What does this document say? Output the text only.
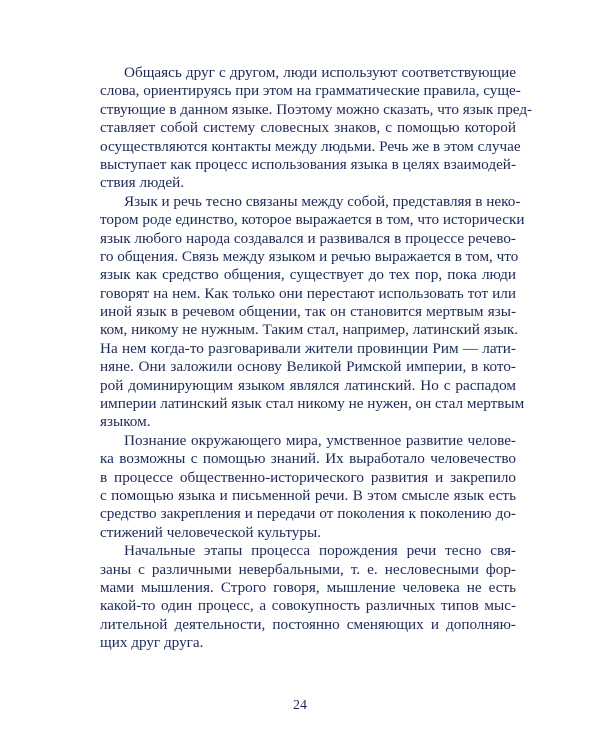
Общаясь друг с другом, люди используют соответствующие
слова, ориентируясь при этом на грамматические правила, суще-
ствующие в данном языке. Поэтому можно сказать, что язык пред-
ставляет собой систему словесных знаков, с помощью которой
осуществляются контакты между людьми. Речь же в этом случае
выступает как процесс использования языка в целях взаимодей-
ствия людей.

Язык и речь тесно связаны между собой, представляя в неко-
тором роде единство, которое выражается в том, что исторически
язык любого народа создавался и развивался в процессе речево-
го общения. Связь между языком и речью выражается в том, что
язык как средство общения, существует до тех пор, пока люди
говорят на нем. Как только они перестают использовать тот или
иной язык в речевом общении, так он становится мертвым язы-
ком, никому не нужным. Таким стал, например, латинский язык.
На нем когда-то разговаривали жители провинции Рим — лати-
няне. Они заложили основу Великой Римской империи, в кото-
рой доминирующим языком являлся латинский. Но с распадом
империи латинский язык стал никому не нужен, он стал мертвым
языком.

Познание окружающего мира, умственное развитие челове-
ка возможны с помощью знаний. Их выработало человечество
в процессе общественно-исторического развития и закрепило
с помощью языка и письменной речи. В этом смысле язык есть
средство закрепления и передачи от поколения к поколению до-
стижений человеческой культуры.

Начальные этапы процесса порождения речи тесно свя-
заны с различными невербальными, т. е. несловесными фор-
мами мышления. Строго говоря, мышление человека не есть
какой-то один процесс, а совокупность различных типов мыс-
лительной деятельности, постоянно сменяющих и дополняю-
щих друг друга.

24
